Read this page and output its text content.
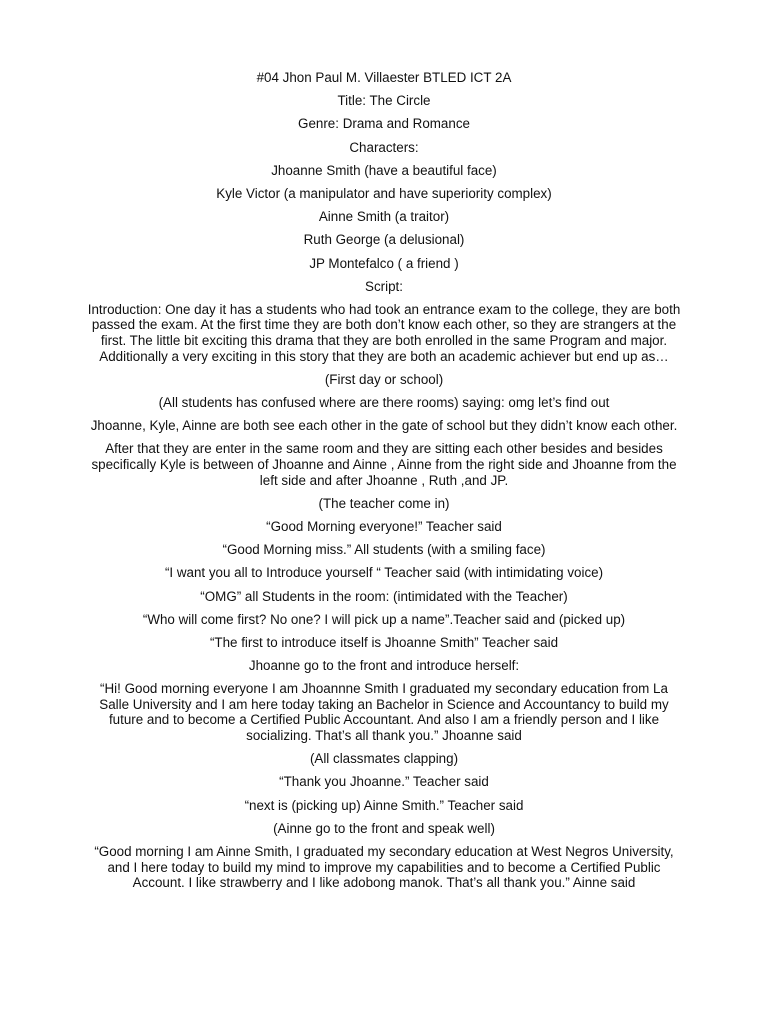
#04 Jhon Paul M. Villaester BTLED ICT 2A

Title: The Circle

Genre: Drama and Romance

Characters:

Jhoanne Smith (have a beautiful face)

Kyle Victor (a manipulator and have superiority complex)

Ainne Smith (a traitor)

Ruth George (a delusional)

JP Montefalco ( a friend )

Script:

Introduction: One day it has a students who had took an entrance exam to the college, they are both passed the exam. At the first time they are both don’t know each other, so they are strangers at the first. The little bit exciting this drama that they are both enrolled in the same Program and major. Additionally a very exciting in this story that they are both an academic achiever but end up as…

(First day or school)

(All students has confused where are there rooms) saying: omg let’s find out

Jhoanne, Kyle, Ainne are both see each other in the gate of school but they didn’t know each other.

After that they are enter in the same room and they are sitting each other besides and besides specifically Kyle is between of Jhoanne and Ainne , Ainne from the right side and Jhoanne from the left side and after Jhoanne , Ruth ,and JP.

(The teacher come in)

“Good Morning everyone!” Teacher said

“Good Morning miss.” All students (with a smiling face)

“I want you all to Introduce yourself “ Teacher said (with intimidating voice)

“OMG” all Students in the room: (intimidated with the Teacher)

“Who will come first? No one? I will pick up a name”.Teacher said and (picked up)

“The first to introduce itself is Jhoanne Smith” Teacher said

Jhoanne go to the front and introduce herself:

“Hi! Good morning everyone I am Jhoannne Smith I graduated my secondary education from La Salle University and I am here today taking an Bachelor in Science and Accountancy to build my future and to become a Certified Public Accountant. And also I am a friendly person and I like socializing. That’s all thank you.” Jhoanne said

(All classmates clapping)

“Thank you Jhoanne.” Teacher said

“next is (picking up) Ainne Smith.” Teacher said

(Ainne go to the front and speak well)

“Good morning I am Ainne Smith, I graduated my secondary education at West Negros University, and I here today to build my mind to improve my capabilities and to become a Certified Public Account. I like strawberry and I like adobong manok. That’s all thank you.” Ainne said
